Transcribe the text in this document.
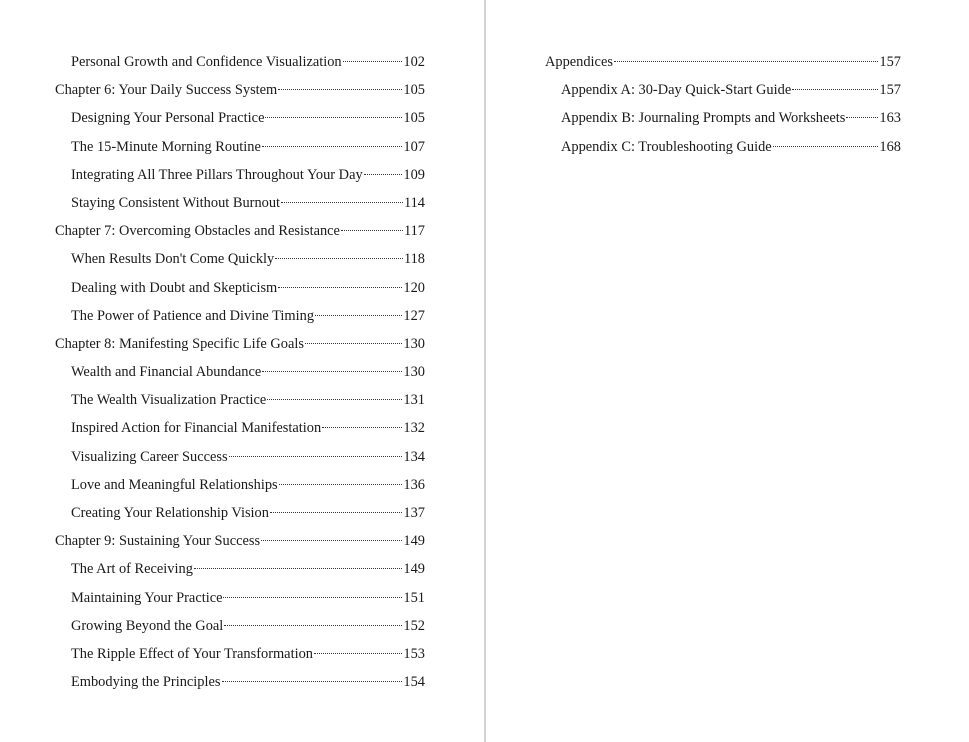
Personal Growth and Confidence Visualization	102
Chapter 6: Your Daily Success System	105
Designing Your Personal Practice	105
The 15-Minute Morning Routine	107
Integrating All Three Pillars Throughout Your Day	109
Staying Consistent Without Burnout	114
Chapter 7: Overcoming Obstacles and Resistance	117
When Results Don't Come Quickly	118
Dealing with Doubt and Skepticism	120
The Power of Patience and Divine Timing	127
Chapter 8: Manifesting Specific Life Goals	130
Wealth and Financial Abundance	130
The Wealth Visualization Practice	131
Inspired Action for Financial Manifestation	132
Visualizing Career Success	134
Love and Meaningful Relationships	136
Creating Your Relationship Vision	137
Chapter 9: Sustaining Your Success	149
The Art of Receiving	149
Maintaining Your Practice	151
Growing Beyond the Goal	152
The Ripple Effect of Your Transformation	153
Embodying the Principles	154
Appendices	157
Appendix A: 30-Day Quick-Start Guide	157
Appendix B: Journaling Prompts and Worksheets 163
Appendix C: Troubleshooting Guide	168
